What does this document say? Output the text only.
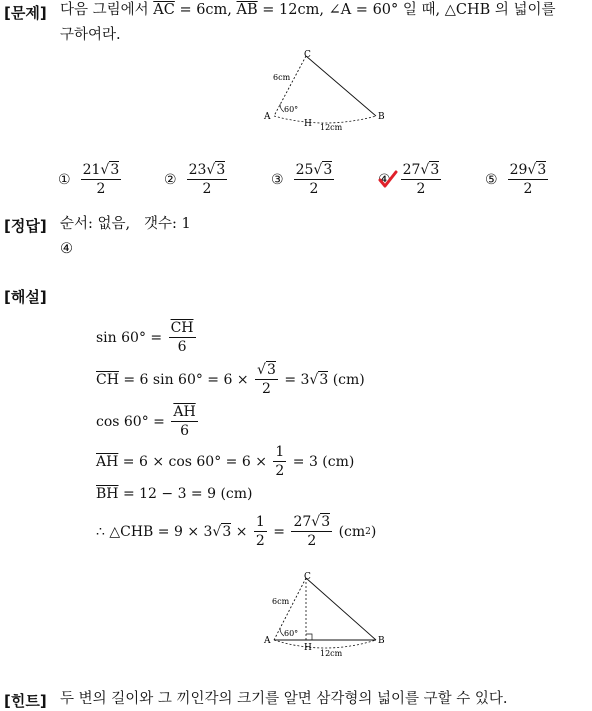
[문제] 다음 그림에서 $\overline{AC} = 6cm$, $\overline{AB} = 12cm$, ∠A = 60° 일 때, △CHB 의 넓이를
구하여라.
C
A	B
H
6cm
60°
12cm
① $\frac{21√3}{2}$	② $\frac{23√3}{2}$	③ $\frac{25√3}{2}$	④ $\frac{27√3}{2}$	⑤ $\frac{29√3}{2}$
[정답] 순서: 없음,   갯수: 1
④
[해설]
$\sin 60^\circ = \frac{\overline{CH}}{6}$
$\overline{CH} = 6$ $\sin 60^\circ = 6 \times \frac{√3}{2} = 3$ √3 (cm)
$\cos 60^\circ = \frac{\overline{AH}}{6}$
$\overline{AH} = 6 \times \cos 60^\circ = 6 \times \frac{1}{2} = 3$ (cm)
$\overline{BH} = 12 - 3 = 9$ (cm)
∴ △CHB = 9 × 3 $√3 \times \frac{1}{2} = \frac{27√3}{2} (cm$ 2 )
C
A	B
H
6cm
60°
12cm
[힌트] 두 변의 길이와 그 끼인각의 크기를 알면 삼각형의 넓이를 구할 수 있다.
